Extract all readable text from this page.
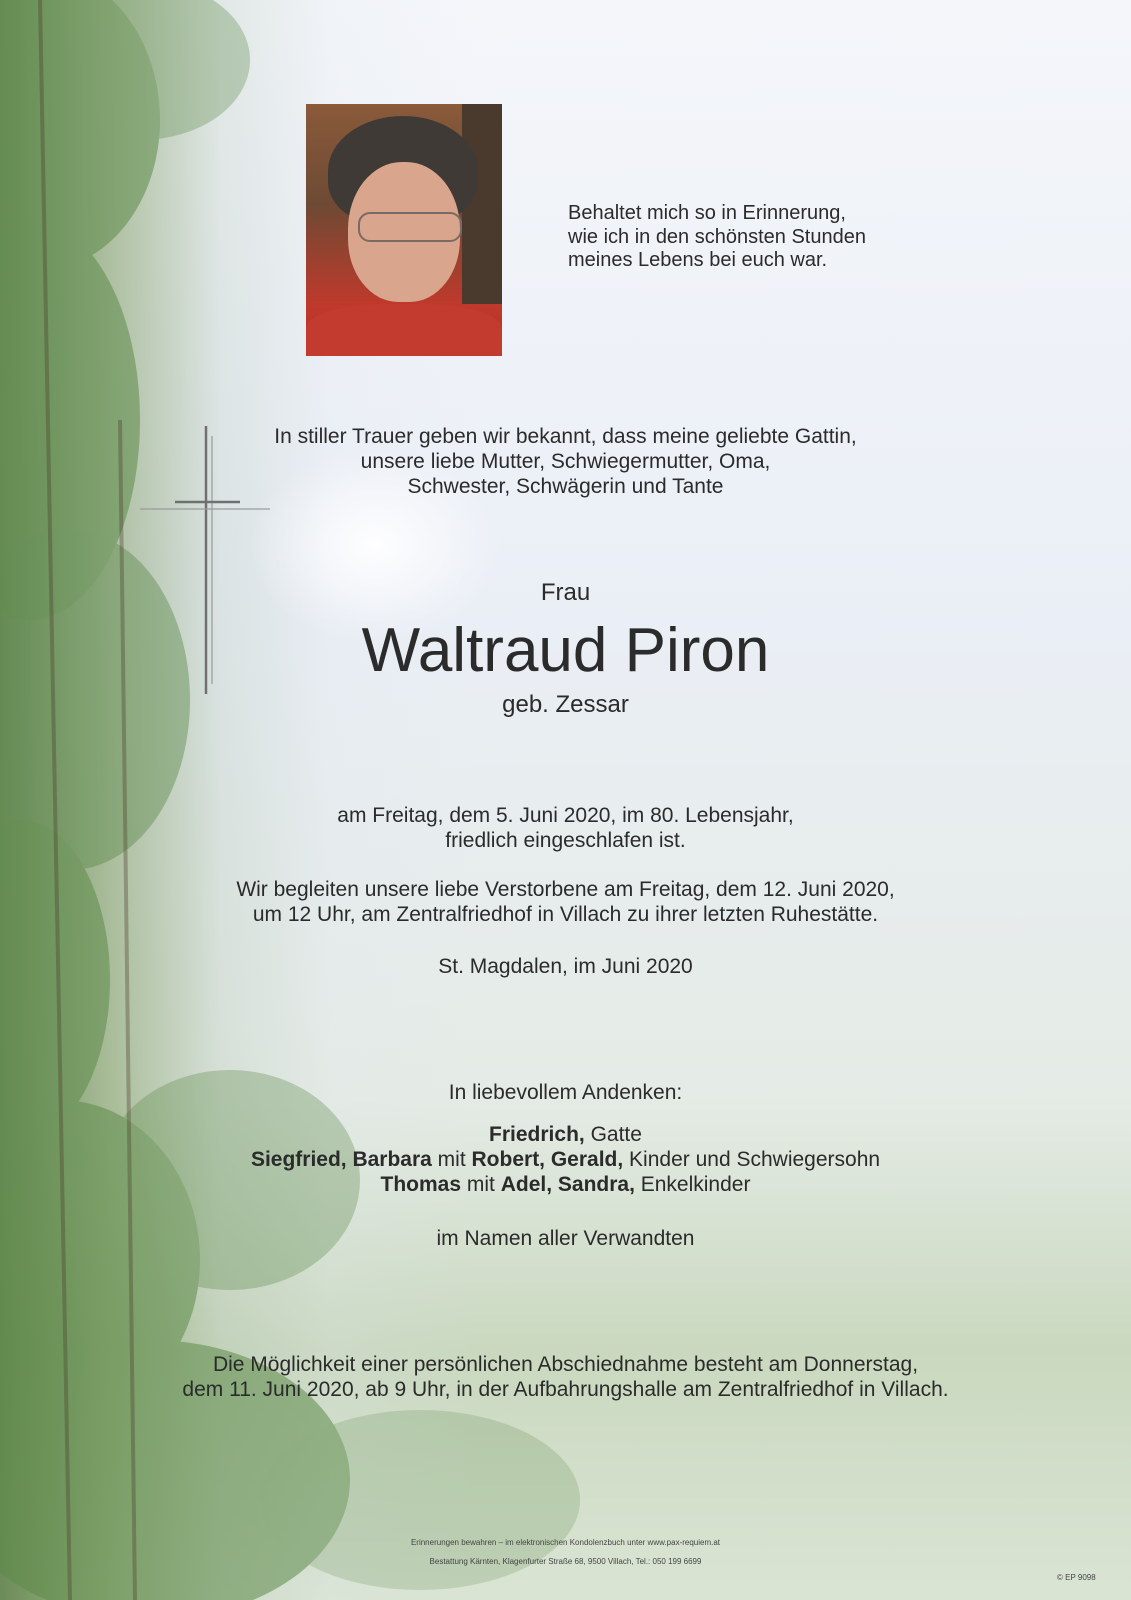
Behaltet mich so in Erinnerung,
wie ich in den schönsten Stunden
meines Lebens bei euch war.
In stiller Trauer geben wir bekannt, dass meine geliebte Gattin,
unsere liebe Mutter, Schwiegermutter, Oma,
Schwester, Schwägerin und Tante
Frau
Waltraud Piron
geb. Zessar
am Freitag, dem 5. Juni 2020, im 80. Lebensjahr,
friedlich eingeschlafen ist.
Wir begleiten unsere liebe Verstorbene am Freitag, dem 12. Juni 2020,
um 12 Uhr, am Zentralfriedhof in Villach zu ihrer letzten Ruhestätte.
St. Magdalen, im Juni 2020
In liebevollem Andenken:
Friedrich, Gatte
Siegfried, Barbara mit Robert, Gerald, Kinder und Schwiegersohn
Thomas mit Adel, Sandra, Enkelkinder
im Namen aller Verwandten
Die Möglichkeit einer persönlichen Abschiednahme besteht am Donnerstag,
dem 11. Juni 2020, ab 9 Uhr, in der Aufbahrungshalle am Zentralfriedhof in Villach.
Erinnerungen bewahren – im elektronischen Kondolenzbuch unter www.pax-requiem.at
Bestattung Kärnten, Klagenfurter Straße 68, 9500 Villach, Tel.: 050 199 6699
© EP 9098
